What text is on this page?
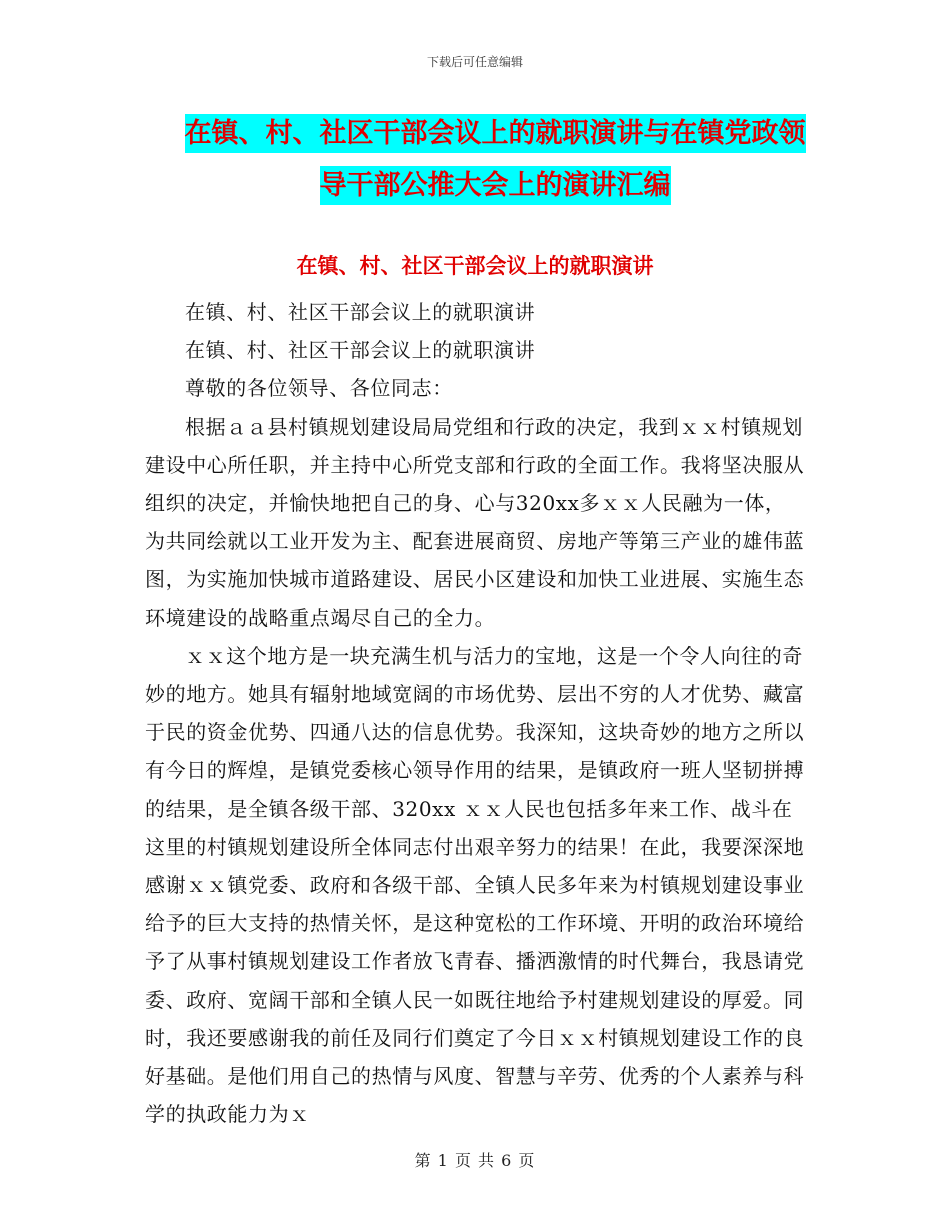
下载后可任意编辑
在镇、村、社区干部会议上的就职演讲与在镇党政领
导干部公推大会上的演讲汇编
在镇、村、社区干部会议上的就职演讲

在镇、村、社区干部会议上的就职演讲

在镇、村、社区干部会议上的就职演讲

尊敬的各位领导、各位同志：

根据ａａ县村镇规划建设局局党组和行政的决定，我到ｘｘ村镇规划建设中心所任职，并主持中心所党支部和行政的全面工作。我将坚决服从组织的决定，并愉快地把自己的身、心与320xx多ｘｘ人民融为一体，为共同绘就以工业开发为主、配套进展商贸、房地产等第三产业的雄伟蓝图，为实施加快城市道路建设、居民小区建设和加快工业进展、实施生态环境建设的战略重点竭尽自己的全力。

ｘｘ这个地方是一块充满生机与活力的宝地，这是一个令人向往的奇妙的地方。她具有辐射地域宽阔的市场优势、层出不穷的人才优势、藏富于民的资金优势、四通八达的信息优势。我深知，这块奇妙的地方之所以有今日的辉煌，是镇党委核心领导作用的结果，是镇政府一班人坚韧拼搏的结果，是全镇各级干部、320xx ｘｘ人民也包括多年来工作、战斗在这里的村镇规划建设所全体同志付出艰辛努力的结果！在此，我要深深地感谢ｘｘ镇党委、政府和各级干部、全镇人民多年来为村镇规划建设事业给予的巨大支持的热情关怀，是这种宽松的工作环境、开明的政治环境给予了从事村镇规划建设工作者放飞青春、播洒激情的时代舞台，我恳请党委、政府、宽阔干部和全镇人民一如既往地给予村建规划建设的厚爱。同时，我还要感谢我的前任及同行们奠定了今日ｘｘ村镇规划建设工作的良好基础。是他们用自己的热情与风度、智慧与辛劳、优秀的个人素养与科学的执政能力为ｘ

第 1 页 共 6 页
